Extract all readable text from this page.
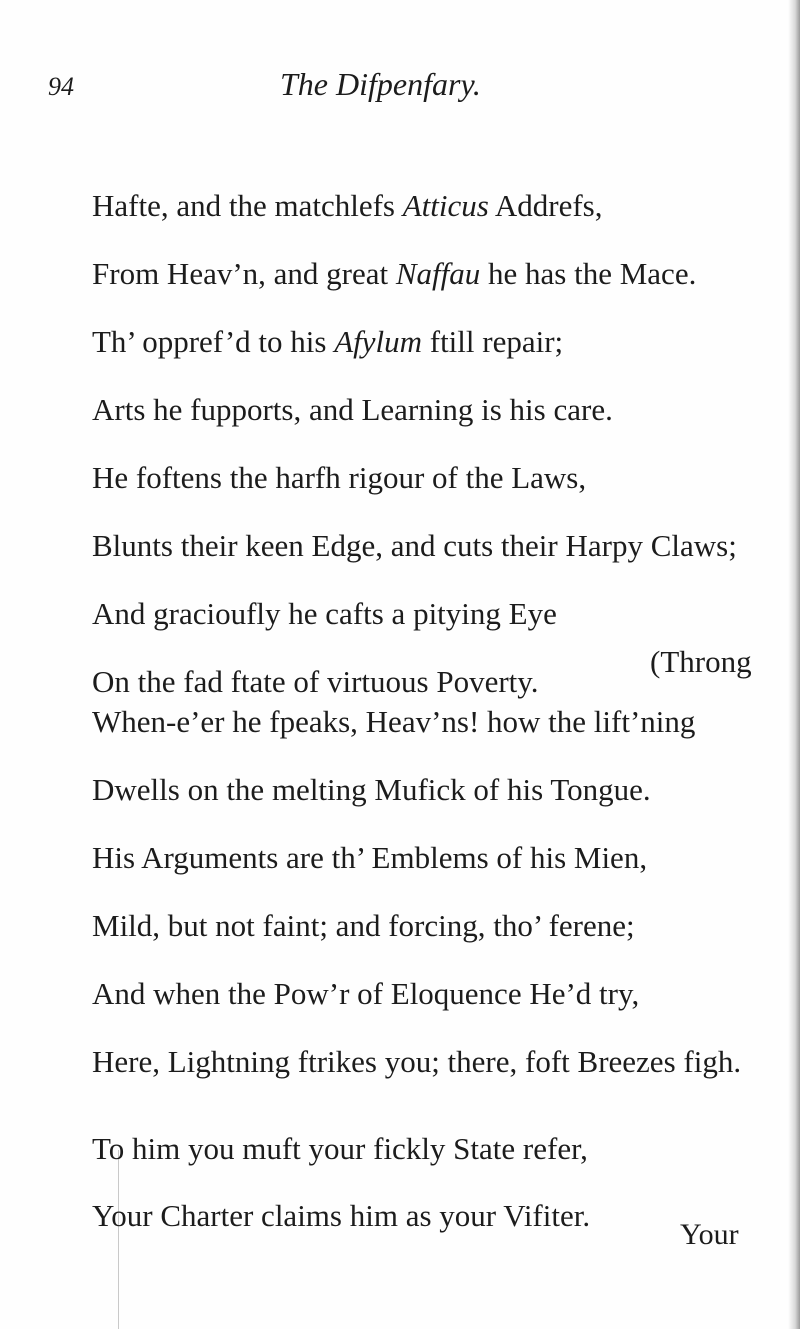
94	The Difpenfary.
Hafte, and the matchlefs Atticus Addrefs,
From Heav’n, and great Naffau he has the Mace.
Th’ oppref’d to his Afylum ftill repair;
Arts he fupports, and Learning is his care.
He foftens the harfh rigour of the Laws,
Blunts their keen Edge, and cuts their Harpy Claws;
And gracioufly he cafts a pitying Eye
On the fad ftate of virtuous Poverty.
(Throng
When-e’er he fpeaks, Heav’ns! how the lift’ning
Dwells on the melting Mufick of his Tongue.
His Arguments are th’ Emblems of his Mien,
Mild, but not faint; and forcing, tho’ ferene;
And when the Pow’r of Eloquence He’d try,
Here, Lightning ftrikes you; there, foft Breezes figh.
To him you muft your fickly State refer,
Your Charter claims him as your Vifiter.
Your
